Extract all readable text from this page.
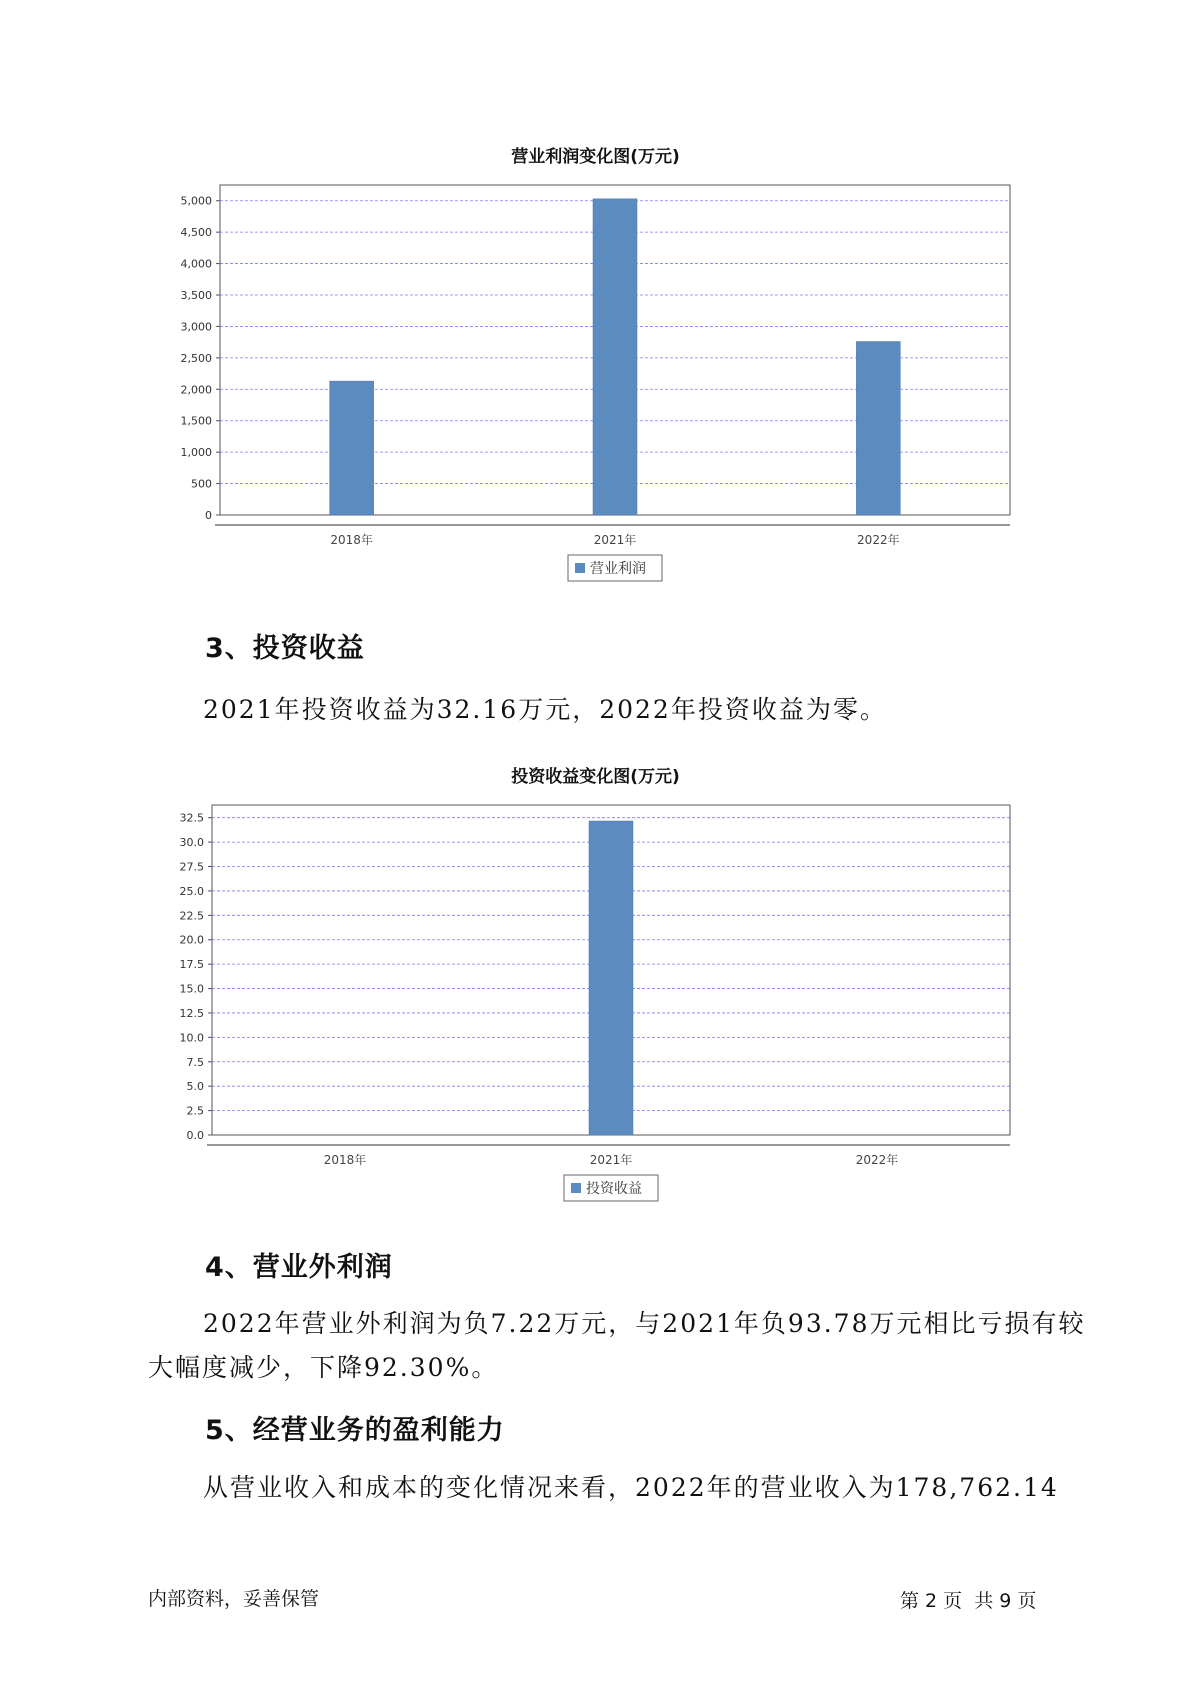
营业利润变化图(万元)
0
500
1,000
1,500
2,000
2,500
3,000
3,500
4,000
4,500
5,000
2018年	2021年	2022年
营业利润
3、投资收益
2021年投资收益为32.16万元，2022年投资收益为零。
投资收益变化图(万元)
0.0
2.5
5.0
7.5
10.0
12.5
15.0
17.5
20.0
22.5
25.0
27.5
30.0
32.5
2018年	2021年	2022年
投资收益
4、营业外利润
2022年营业外利润为负7.22万元，与2021年负93.78万元相比亏损有较
大幅度减少，下降92.30%。
5、经营业务的盈利能力
从营业收入和成本的变化情况来看，2022年的营业收入为178,762.14
内部资料，妥善保管	第 2 页  共 9 页
